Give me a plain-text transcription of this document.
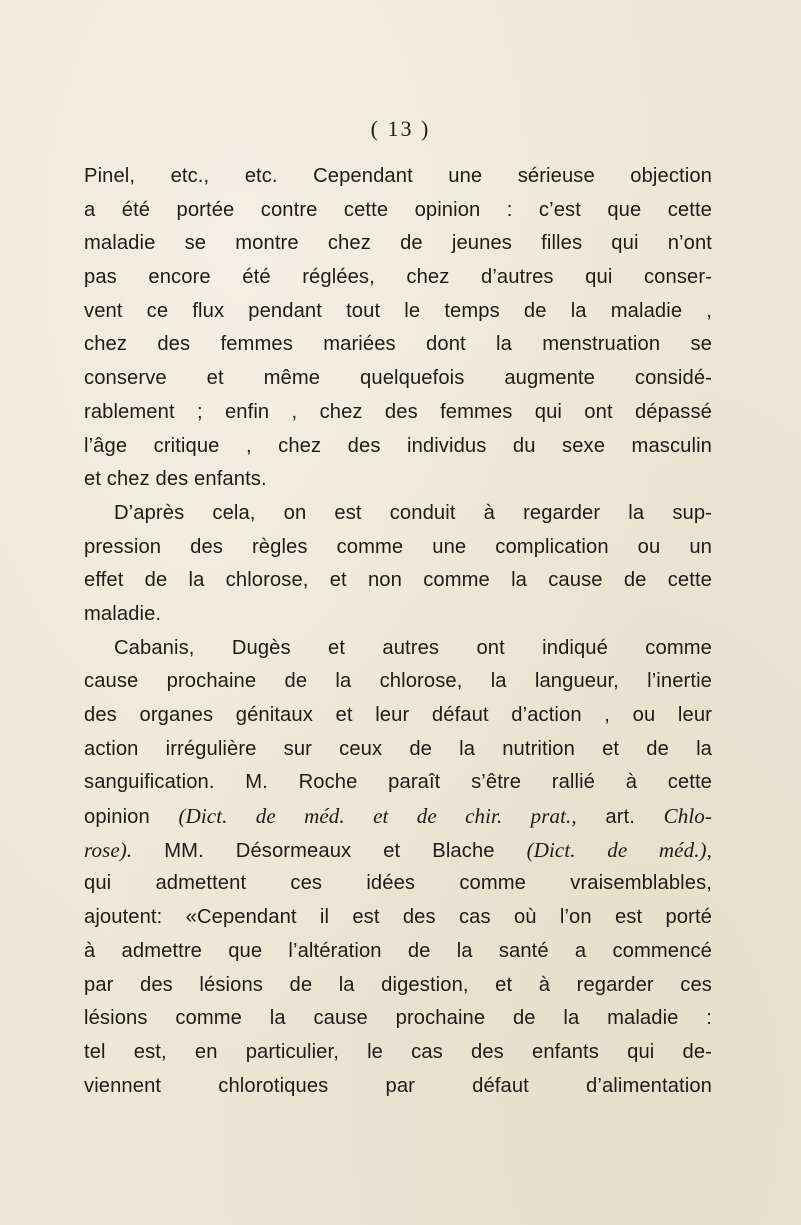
( 13 )
Pinel, etc., etc. Cependant une sérieuse objection
a été portée contre cette opinion : c’est que cette
maladie se montre chez de jeunes filles qui n’ont
pas encore été réglées, chez d’autres qui conser-
vent ce flux pendant tout le temps de la maladie ,
chez des femmes mariées dont la menstruation se
conserve et même quelquefois augmente considé-
rablement ; enfin , chez des femmes qui ont dépassé
l’âge critique , chez des individus du sexe masculin
et chez des enfants.
D’après cela, on est conduit à regarder la sup-
pression des règles comme une complication ou un
effet de la chlorose, et non comme la cause de cette
maladie.
Cabanis, Dugès et autres ont indiqué comme
cause prochaine de la chlorose, la langueur, l’inertie
des organes génitaux et leur défaut d’action , ou leur
action irrégulière sur ceux de la nutrition et de la
sanguification. M. Roche paraît s’être rallié à cette
opinion (Dict. de méd. et de chir. prat., art. Chlo-
rose). MM. Désormeaux et Blache (Dict. de méd.),
qui admettent ces idées comme vraisemblables,
ajoutent: «Cependant il est des cas où l’on est porté
à admettre que l’altération de la santé a commencé
par des lésions de la digestion, et à regarder ces
lésions comme la cause prochaine de la maladie :
tel est, en particulier, le cas des enfants qui de-
viennent chlorotiques par défaut d’alimentation
